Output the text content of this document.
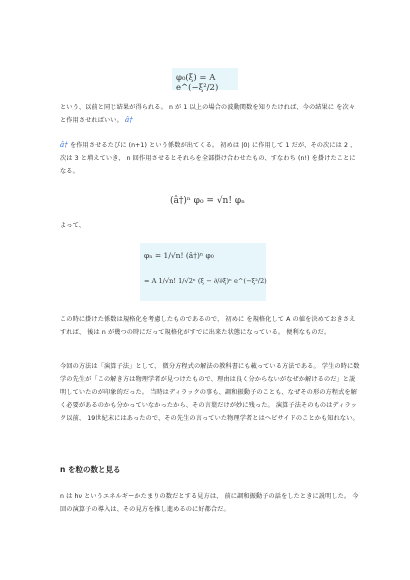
φ₀(ξ) = A e^(−ξ²/2)
という、以前と同じ結果が得られる。 n が 1 以上の場合の波動関数を知りたければ、今の結果に を次々と作用させればいい。 â†
â† を作用させるたびに (n+1) という係数が出てくる。 初めは |0⟩ に作用して 1 だが、その次には 2 、次は 3 と増えていき、 n 回作用させるとそれらを全部掛け合わせたもの、すなわち (n!) を掛けたことになる。
(â†)ⁿ φ₀ = √n! φₙ
よって、
φₙ = 1/√n! (â†)ⁿ φ₀
= A 1/√n! 1/√2ⁿ (ξ − ∂/∂ξ)ⁿ e^(−ξ²/2)
この時に掛けた係数は規格化を考慮したものであるので、 初めに を規格化して A の値を決めておきさえすれば、 後は n が幾つの時にだって規格化がすでに出来た状態になっている。 便利なものだ。
今回の方法は「演算子法」として、 微分方程式の解法の教科書にも載っている方法である。 学生の時に数学の先生が「この解き方は物理学者が見つけたもので、理由は良く分からないがなぜか解けるのだ」と説明していたのが印象的だった。 当時はディラックの事も、調和振動子のことも、なぜその形の方程式を解く必要があるのかも分かっていなかったから、その言葉だけが妙に残った。 演算子法そのものはディラック以前、 19世紀末にはあったので、その先生の言っていた物理学者とはヘビサイドのことかも知れない。
n を粒の数と見る
n は hν というエネルギーかたまりの数だとする見方は、 前に調和振動子の話をしたときに説明した。 今回の演算子の導入は、その見方を推し進めるのに好都合だ。
